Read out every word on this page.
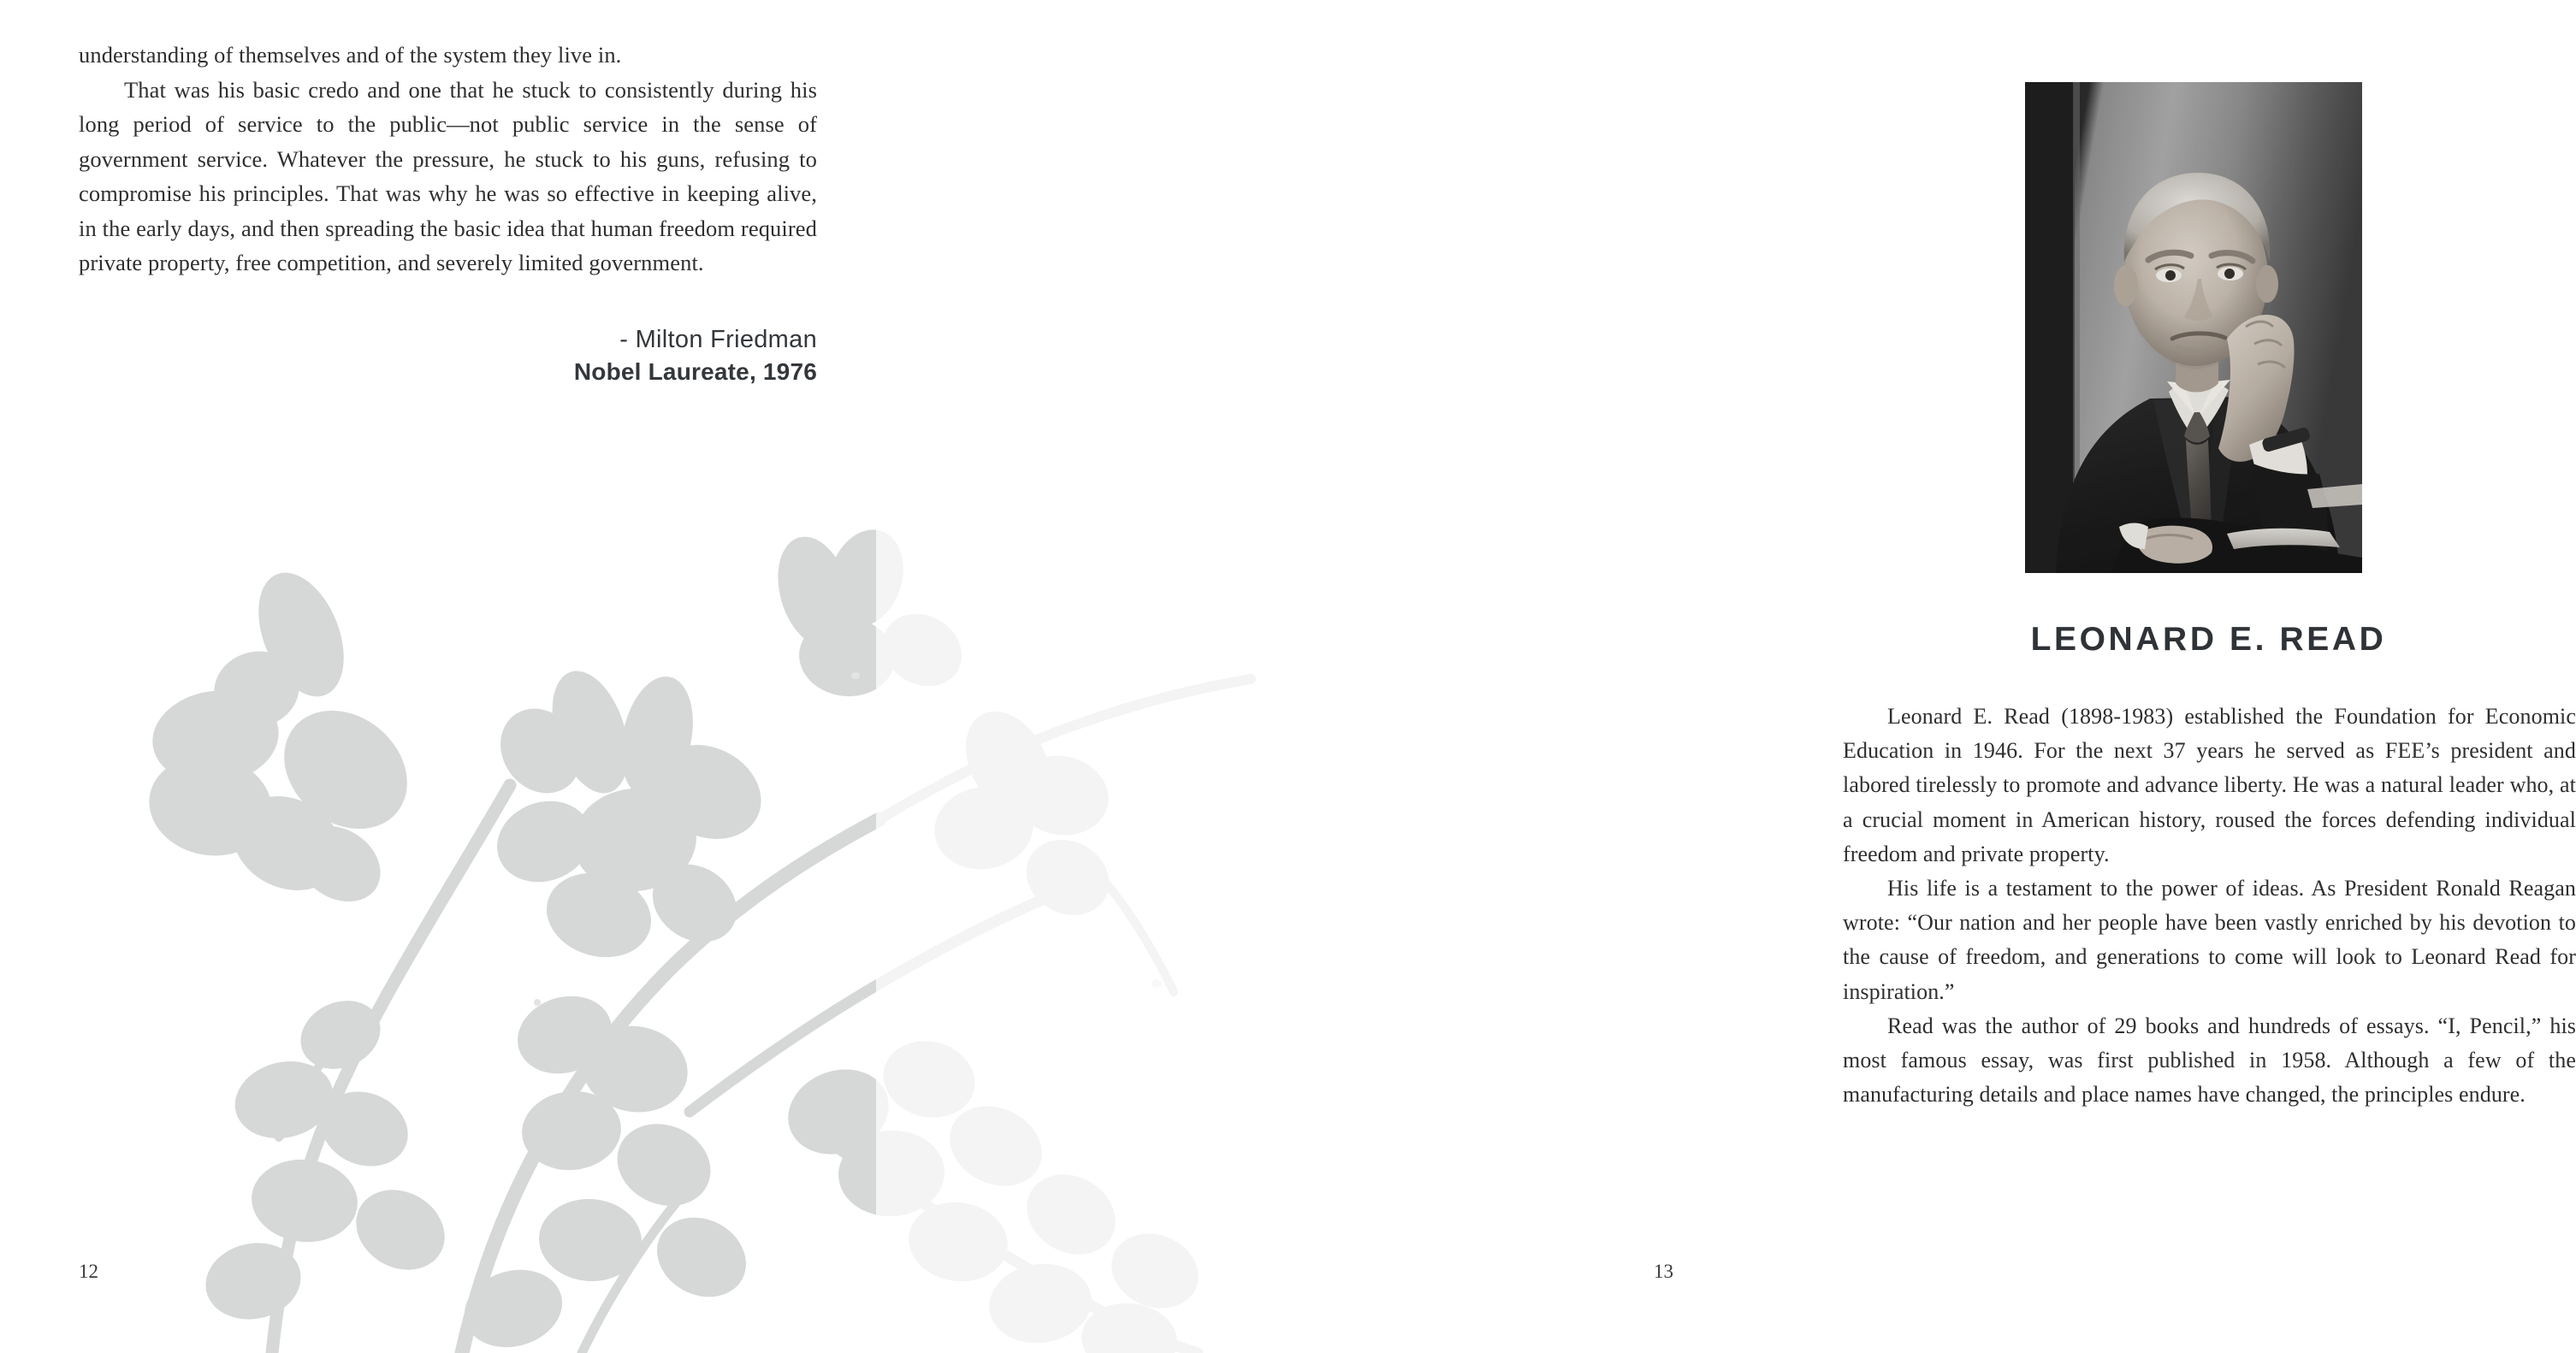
understanding of themselves and of the system they live in.

That was his basic credo and one that he stuck to consistently during his long period of service to the public—not public service in the sense of government service. Whatever the pressure, he stuck to his guns, refusing to compromise his principles. That was why he was so effective in keeping alive, in the early days, and then spreading the basic idea that human freedom required private property, free competition, and severely limited government.

- Milton Friedman
Nobel Laureate, 1976
12
LEONARD E. READ

Leonard E. Read (1898-1983) established the Foundation for Economic Education in 1946. For the next 37 years he served as FEE’s president and labored tirelessly to promote and advance liberty. He was a natural leader who, at a crucial moment in American history, roused the forces defending individual freedom and private property.

His life is a testament to the power of ideas. As President Ronald Reagan wrote: “Our nation and her people have been vastly enriched by his devotion to the cause of freedom, and generations to come will look to Leonard Read for inspiration.”

Read was the author of 29 books and hundreds of essays. “I, Pencil,” his most famous essay, was first published in 1958. Although a few of the manufacturing details and place names have changed, the principles endure.

13
